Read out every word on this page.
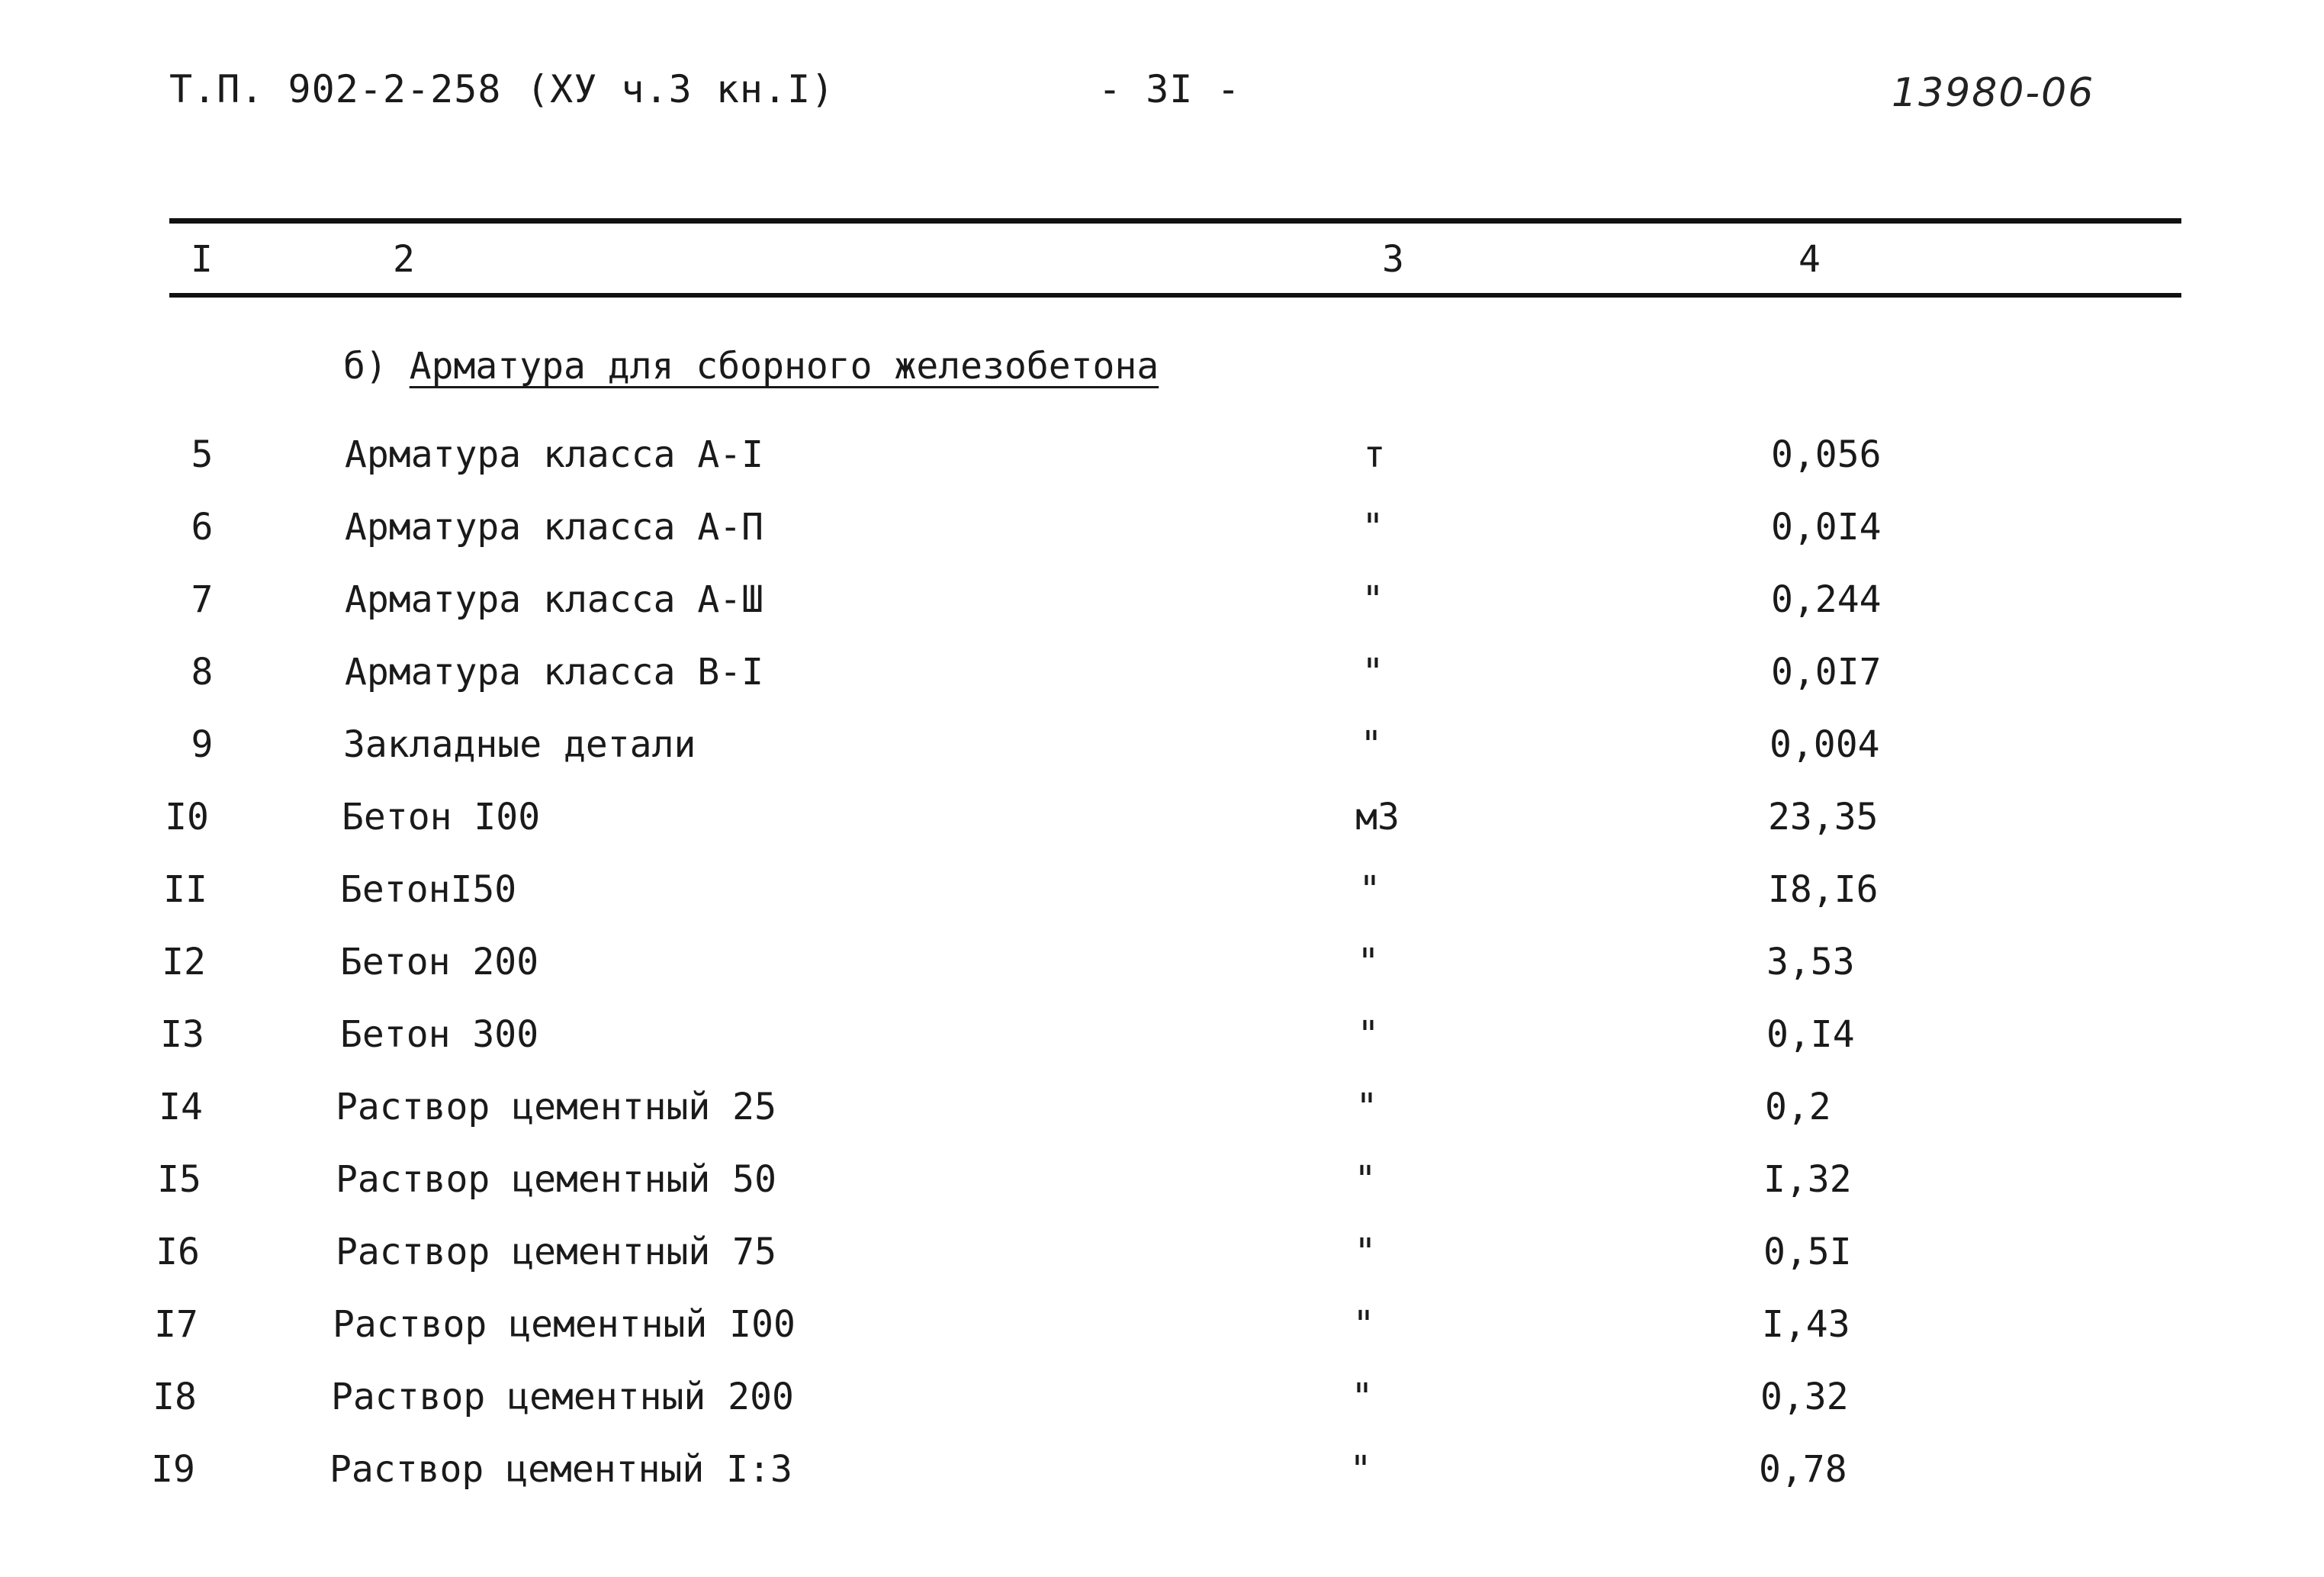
Т.П. 902-2-258 (ХУ ч.3 кн.I)	- 3I -	13980-06
I	2	3	4
б) Арматура для сборного железобетона
5	Арматура класса А-I	т	0,056
6	Арматура класса А-П	"	0,0I4
7	Арматура класса А-Ш	"	0,244
8	Арматура класса В-I	"	0,0I7
9	Закладные детали	"	0,004
I0	Бетон I00	м3	23,35
II	БетонI50	"	I8,I6
I2	Бетон 200	"	3,53
I3	Бетон 300	"	0,I4
I4	Раствор цементный 25	"	0,2
I5	Раствор цементный 50	"	I,32
I6	Раствор цементный 75	"	0,5I
I7	Раствор цементный I00	"	I,43
I8	Раствор цементный 200	"	0,32
I9	Раствор цементный I:3	"	0,78
